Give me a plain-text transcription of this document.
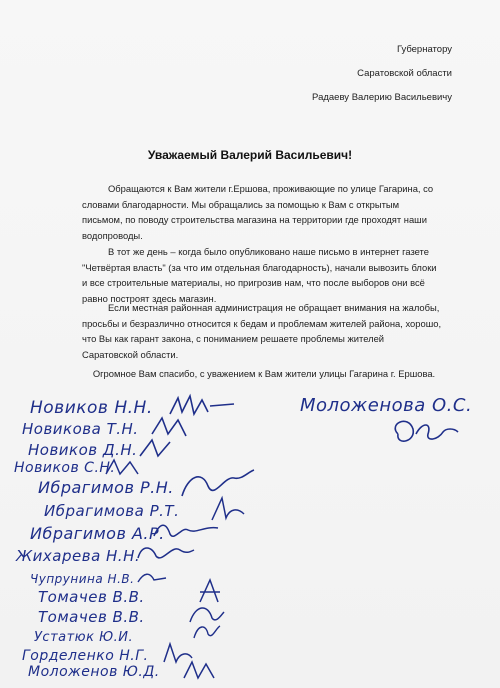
Губернатору
Саратовской области
Радаеву Валерию Васильевичу
Уважаемый Валерий Васильевич!
Обращаются к Вам жители г.Ершова, проживающие по улице Гагарина, со словами благодарности. Мы обращались за помощью к Вам с открытым письмом, по поводу строительства магазина на территории где проходят наши водопроводы.
В тот же день – когда было опубликовано наше письмо в интернет газете "Четвёртая власть" (за что им отдельная благодарность), начали вывозить блоки и все строительные материалы, но пригрозив нам, что после выборов они всё равно построят здесь магазин.
Если местная районная администрация не обращает внимания на жалобы, просьбы и безразлично относится к бедам и проблемам жителей района, хорошо, что Вы как гарант закона, с пониманием решаете проблемы жителей Саратовской области.
Огромное Вам спасибо, с уважением к Вам жители улицы Гагарина г. Ершова.
Новиков Н.Н.	Моложенова О.С.
Новикова Т.Н.
Новиков Д.Н.
Новиков С.Н.
Ибрагимов Р.Н.
Ибрагимова Р.Т.
Ибрагимов А.Р.
Жихарева Н.Н.
Чупрунина Н.В.
Томачев В.В.
Томачев В.В.
Устатюк Ю.И.
Горделенко Н.Г.
Моложенов Ю.Д.
